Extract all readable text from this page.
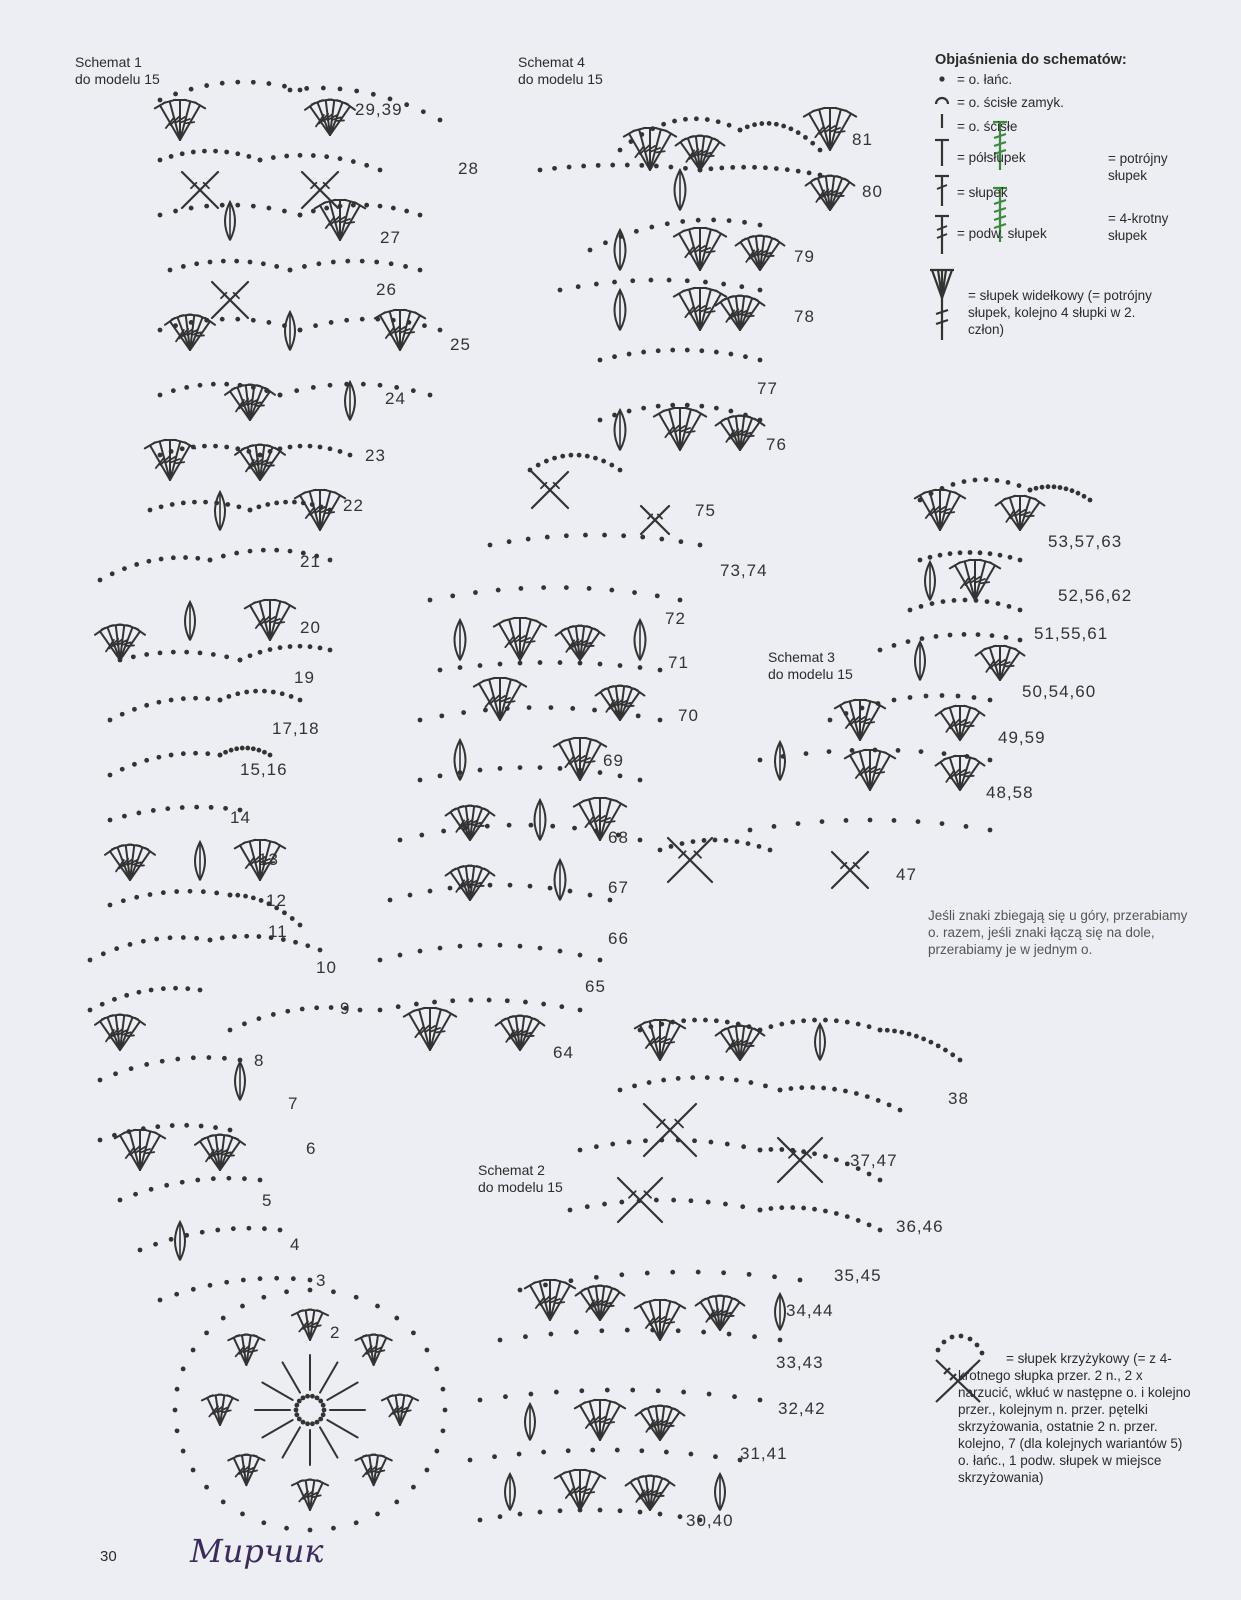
Schemat 1
do modelu 15
Schemat 4
do modelu 15
Schemat 3
do modelu 15
Schemat 2
do modelu 15
29,39
28
27
26
25
24
23
22
21
20
19
17,18
15,16
14
13
12
11
10
9
8
7
6
5
4
3
2
81
80
79
78
77
76
75
73,74
72
71
70
69
68
67
66
65
64
53,57,63
52,56,62
51,55,61
50,54,60
49,59
48,58
47
38
37,47
36,46
35,45
34,44
33,43
32,42
31,41
30,40
Objaśnienia do schematów:
= o. łańc.
= o. ścisłe zamyk.
= o. ścisłe
= półsłupek
= słupek
= podw. słupek
= potrójny
słupek
= 4-krotny
słupek
= słupek widełkowy (= potrójny słupek, kolejno 4 słupki w 2. człon)
Jeśli znaki zbiegają się u góry, przerabiamy o. razem, jeśli znaki łączą się na dole, przerabiamy je w jednym o.
= słupek krzyżykowy (= z 4-krotnego słupka przer. 2 n., 2 x narzucić, wkłuć w następne o. i kolejno przer., kolejnym n. przer. pętelki skrzyżowania, ostatnie 2 n. przer. kolejno, 7 (dla kolejnych wariantów 5) o. łańc., 1 podw. słupek w miejsce skrzyżowania)
30 Мирчик
